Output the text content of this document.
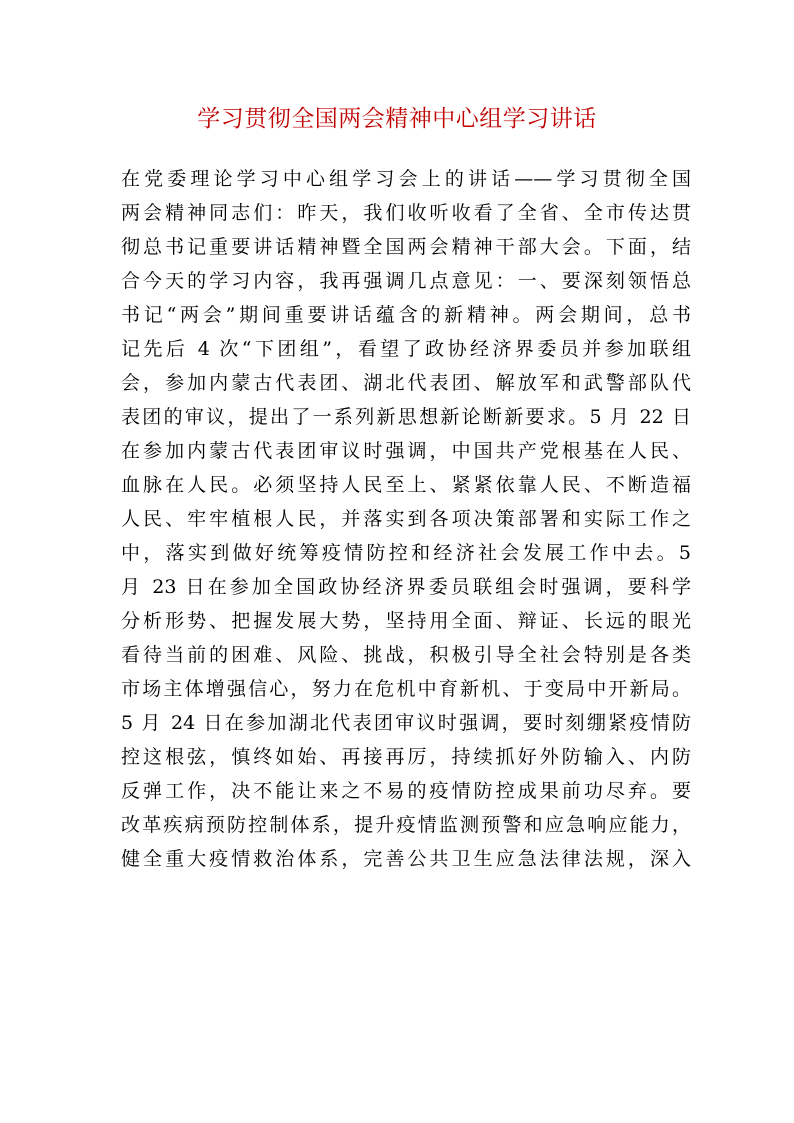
学习贯彻全国两会精神中心组学习讲话
在党委理论学习中心组学习会上的讲话——学习贯彻全国
两会精神同志们：昨天，我们收听收看了全省、全市传达贯
彻总书记重要讲话精神暨全国两会精神干部大会。下面，结
合今天的学习内容，我再强调几点意见：一、要深刻领悟总
书记“两会”期间重要讲话蕴含的新精神。两会期间，总书
记先后 4 次“下团组”，看望了政协经济界委员并参加联组
会，参加内蒙古代表团、湖北代表团、解放军和武警部队代
表团的审议，提出了一系列新思想新论断新要求。5 月 22 日
在参加内蒙古代表团审议时强调，中国共产党根基在人民、
血脉在人民。必须坚持人民至上、紧紧依靠人民、不断造福
人民、牢牢植根人民，并落实到各项决策部署和实际工作之
中，落实到做好统筹疫情防控和经济社会发展工作中去。5
月 23 日在参加全国政协经济界委员联组会时强调，要科学
分析形势、把握发展大势，坚持用全面、辩证、长远的眼光
看待当前的困难、风险、挑战，积极引导全社会特别是各类
市场主体增强信心，努力在危机中育新机、于变局中开新局。
5 月 24 日在参加湖北代表团审议时强调，要时刻绷紧疫情防
控这根弦，慎终如始、再接再厉，持续抓好外防输入、内防
反弹工作，决不能让来之不易的疫情防控成果前功尽弃。要
改革疾病预防控制体系，提升疫情监测预警和应急响应能力，
健全重大疫情救治体系，完善公共卫生应急法律法规，深入
